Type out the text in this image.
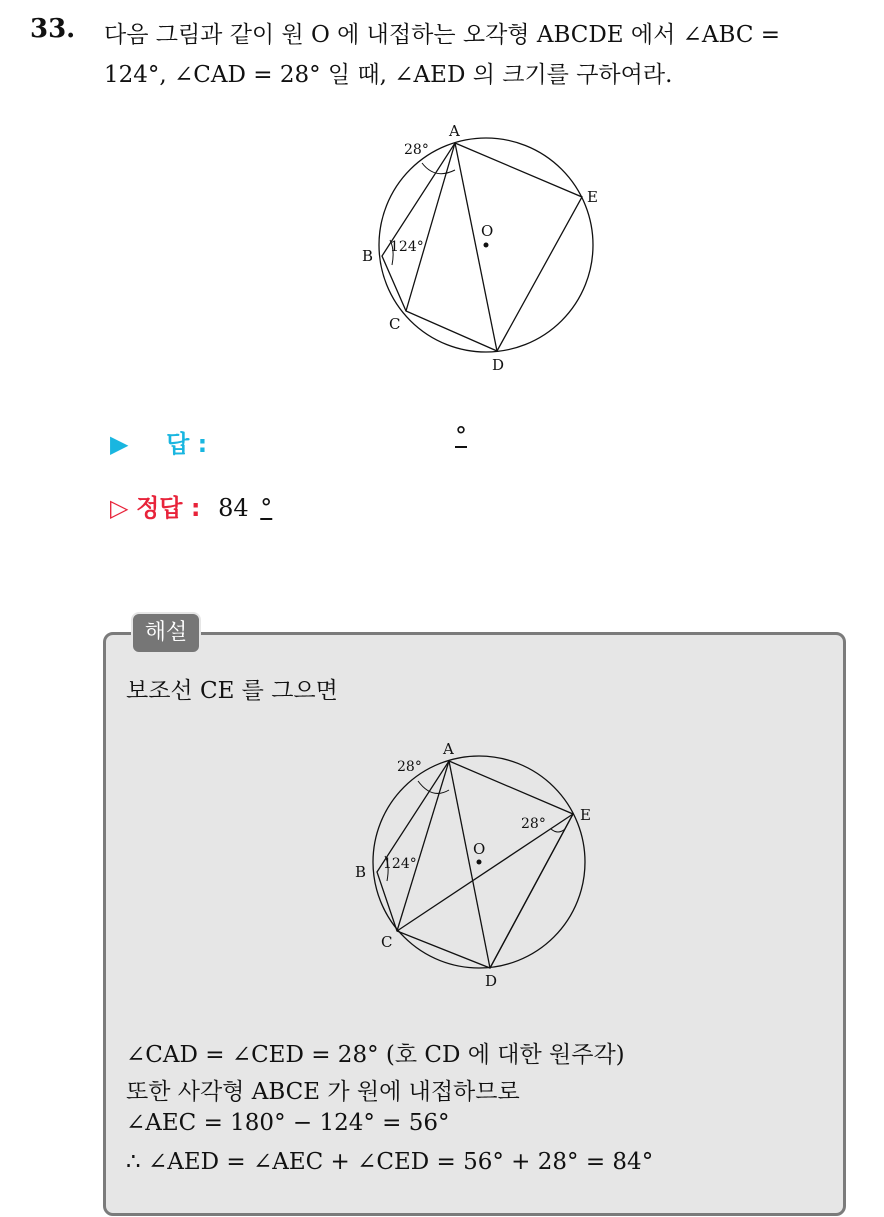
33. 다음 그림과 같이 원 O 에 내접하는 오각형 ABCDE 에서 ∠ABC =
124°, ∠CAD = 28° 일 때, ∠AED 의 크기를 구하여라.
A
B
C
D
E
O
28°
124°
▶ 답 :	°
▷ 정답 : 84 °
해설
보조선 CE 를 그으면
A
B
C
D
E
O
28°
124°
28°
∠CAD = ∠CED = 28° (호 CD 에 대한 원주각)
또한 사각형 ABCE 가 원에 내접하므로
∠AEC = 180° − 124° = 56°
∴ ∠AED = ∠AEC + ∠CED = 56° + 28° = 84°
